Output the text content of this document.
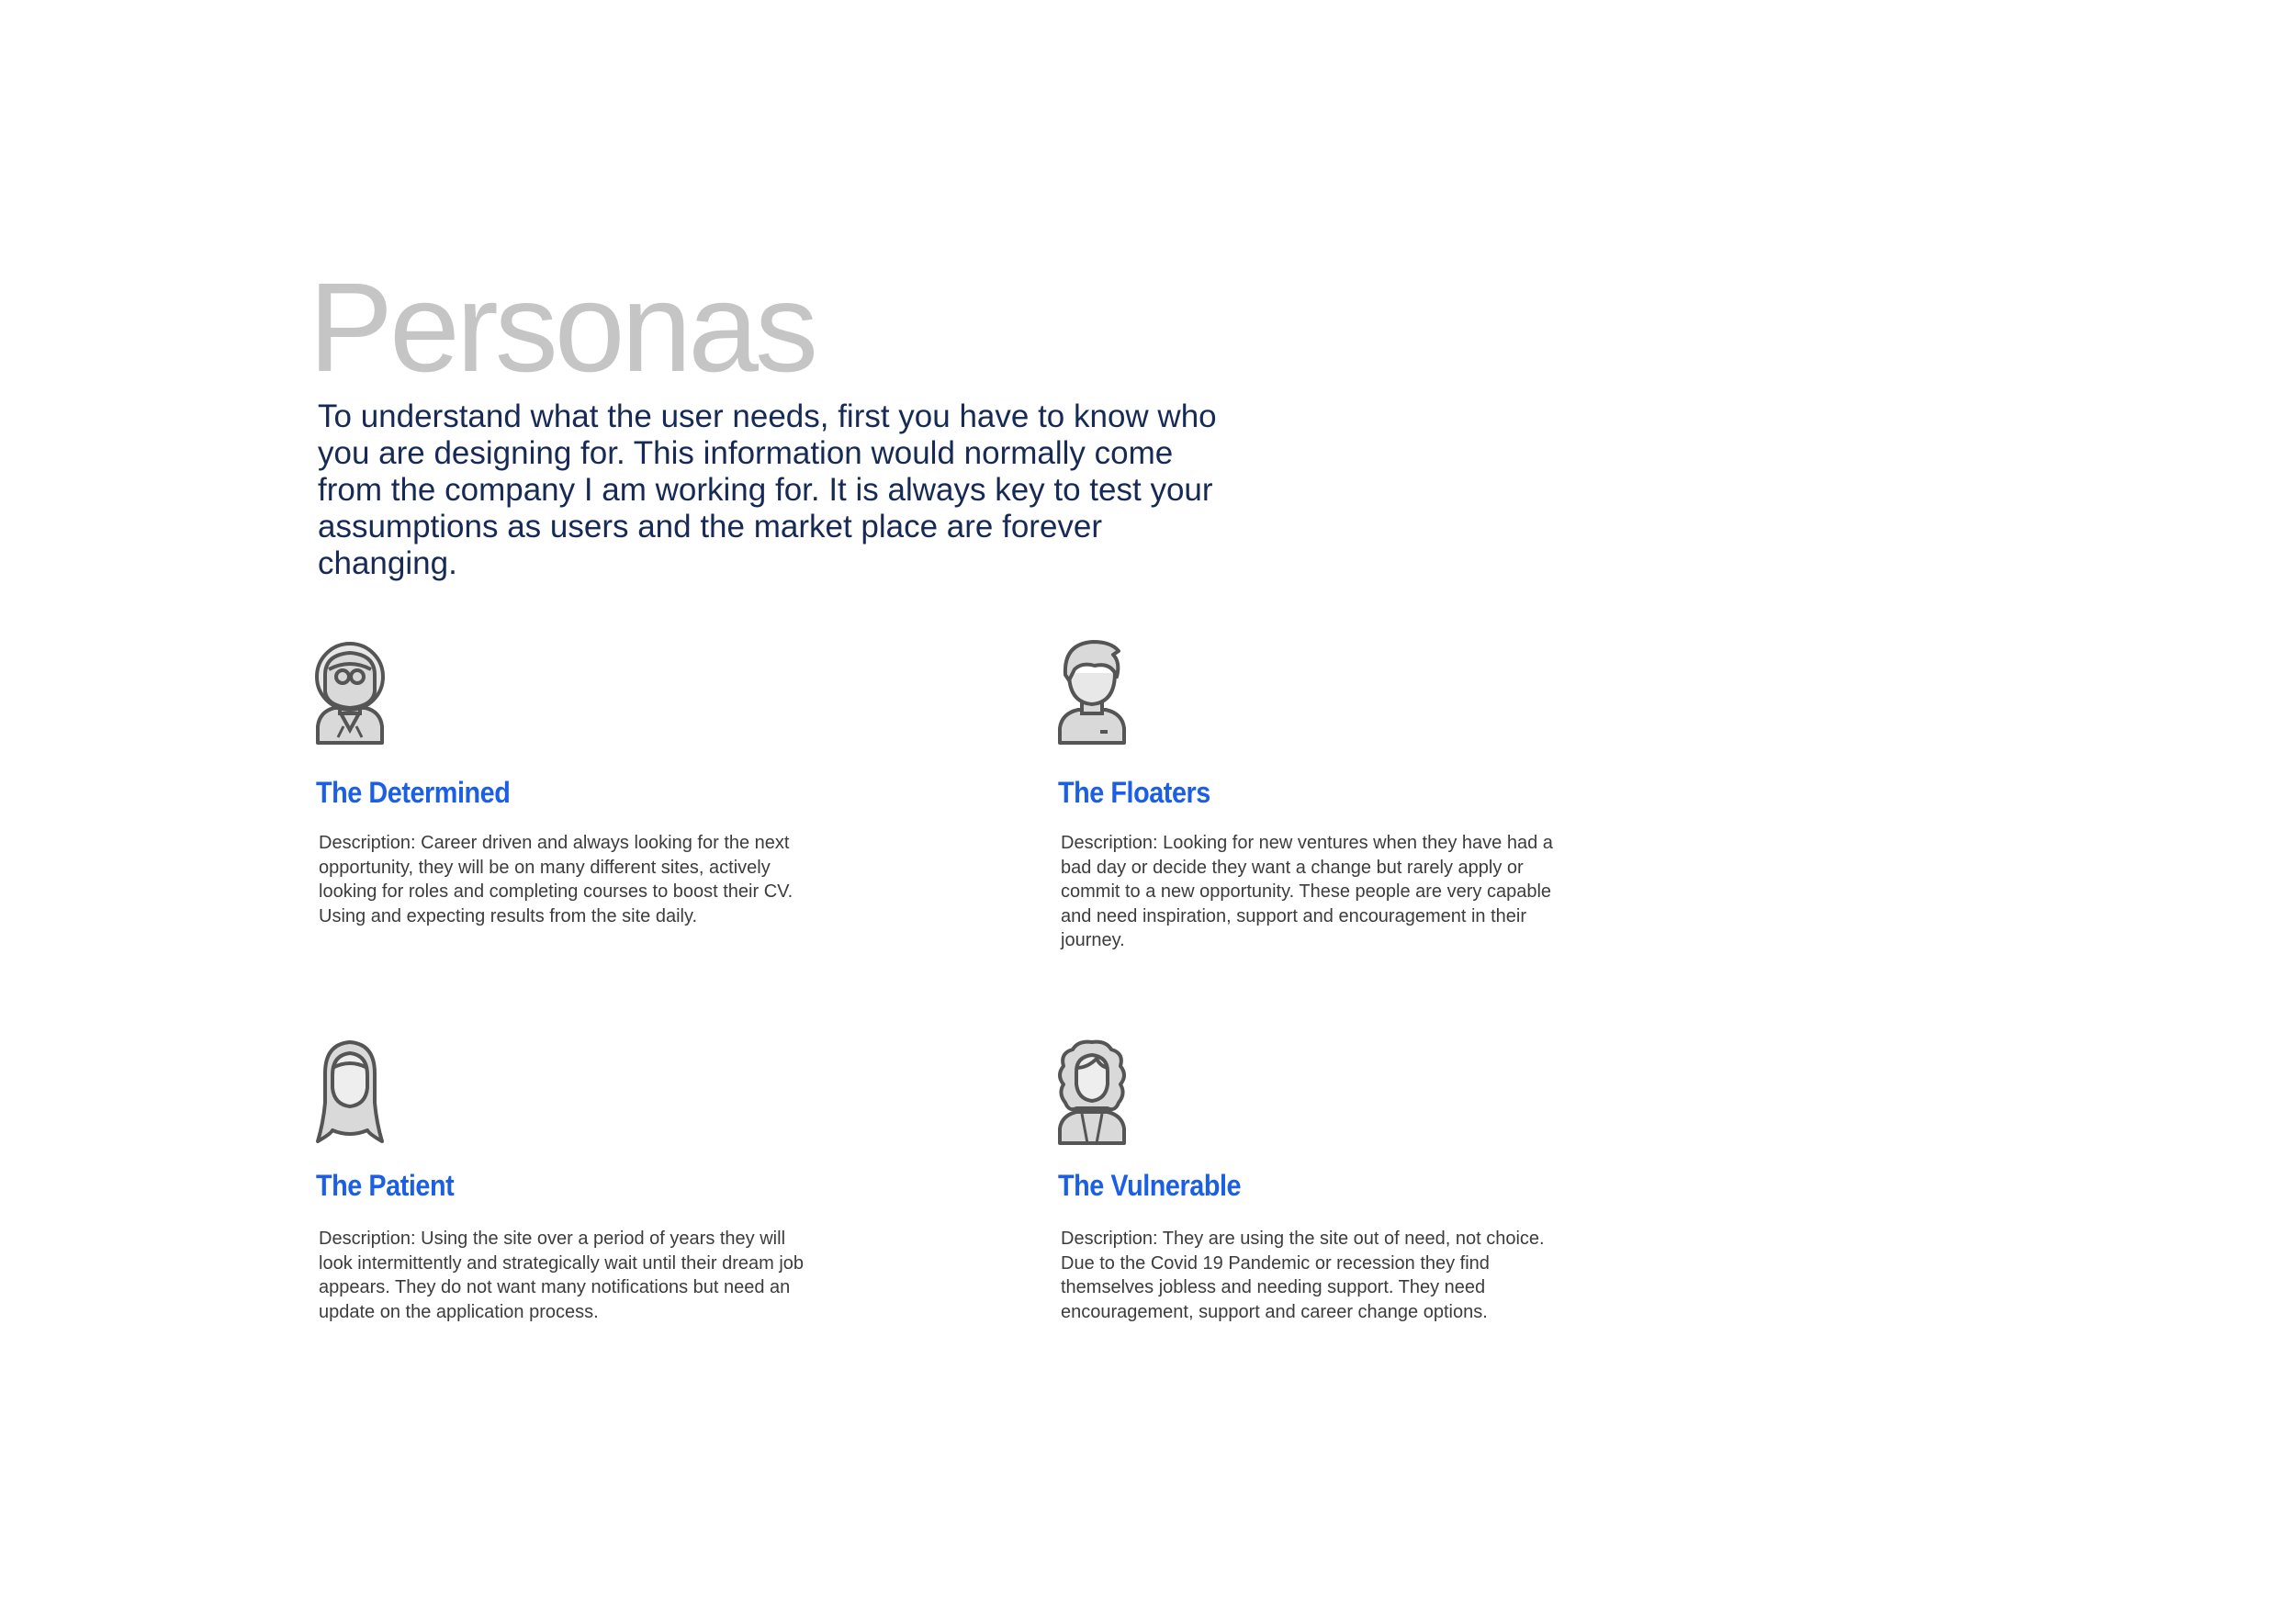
Personas
To understand what the user needs, first you have to know who you are designing for. This information would normally come from the company I am working for. It is always key to test your assumptions as users and the market place are forever changing.
The Determined
Description: Career driven and always looking for the next opportunity, they will be on many different sites, actively looking for roles and completing courses to boost their CV. Using and expecting results from the site daily.
The Floaters
Description: Looking for new ventures when they have had a bad day or decide they want a change but rarely apply or commit to a new opportunity. These people are very capable and need inspiration, support and encouragement in their journey.
The Patient
Description: Using the site over a period of years they will look intermittently and strategically wait until their dream job appears. They do not want many notifications but need an update on the application process.
The Vulnerable
Description: They are using the site out of need, not choice. Due to the Covid 19 Pandemic or recession they find themselves jobless and needing support. They need encouragement, support and career change options.
